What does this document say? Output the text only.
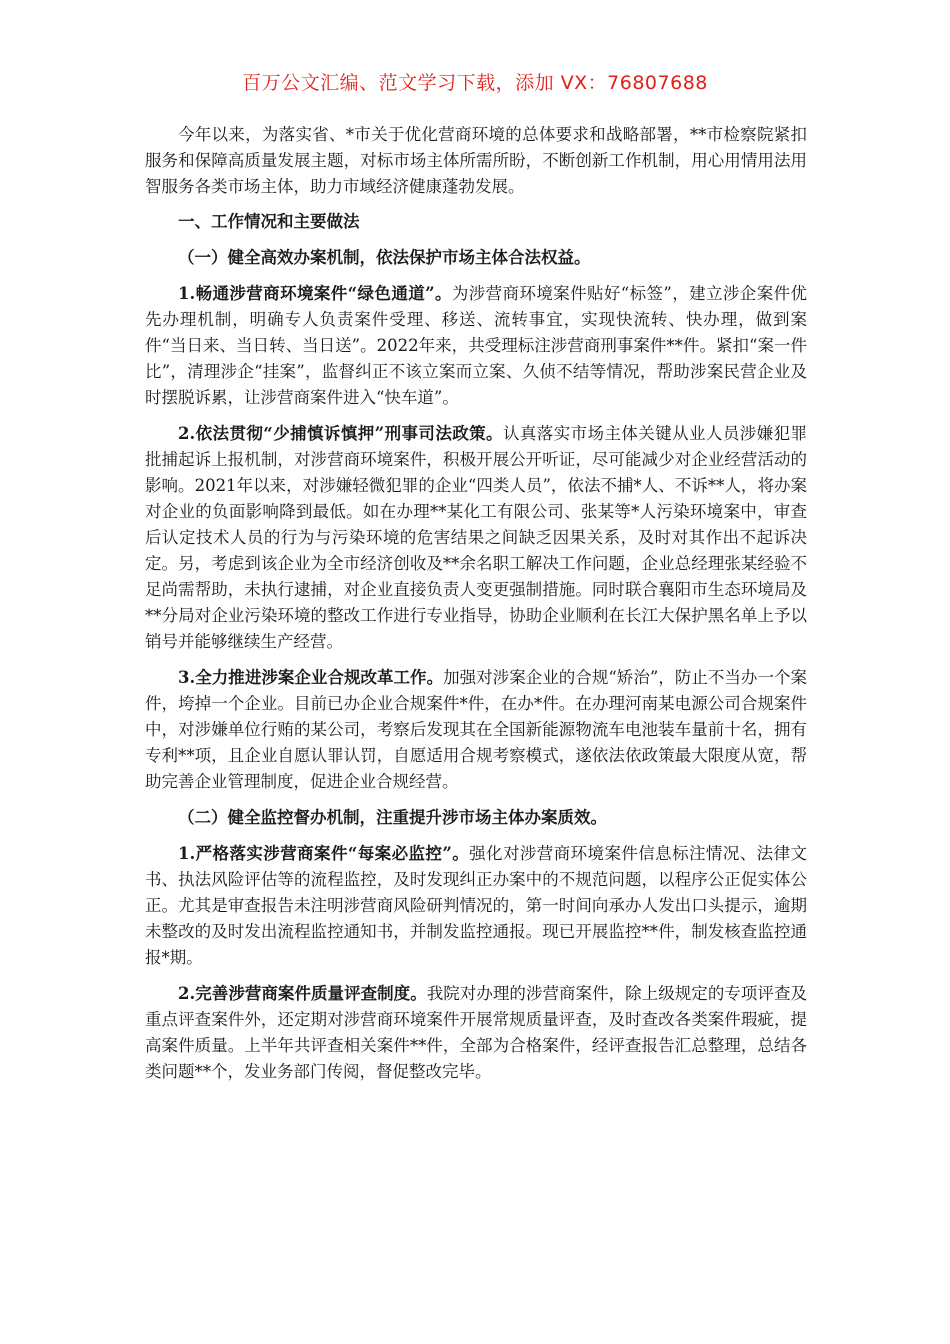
百万公文汇编、范文学习下载，添加 VX：76807688

今年以来，为落实省、*市关于优化营商环境的总体要求和战略部署，**市检察院紧扣服务和保障高质量发展主题，对标市场主体所需所盼，不断创新工作机制，用心用情用法用智服务各类市场主体，助力市域经济健康蓬勃发展。

一、工作情况和主要做法

（一）健全高效办案机制，依法保护市场主体合法权益。

1.畅通涉营商环境案件“绿色通道”。为涉营商环境案件贴好“标签”，建立涉企案件优先办理机制，明确专人负责案件受理、移送、流转事宜，实现快流转、快办理，做到案件“当日来、当日转、当日送”。2022年来，共受理标注涉营商刑事案件**件。紧扣“案一件比”，清理涉企“挂案”，监督纠正不该立案而立案、久侦不结等情况，帮助涉案民营企业及时摆脱诉累，让涉营商案件进入“快车道”。

2.依法贯彻“少捕慎诉慎押”刑事司法政策。认真落实市场主体关键从业人员涉嫌犯罪批捕起诉上报机制，对涉营商环境案件，积极开展公开听证，尽可能减少对企业经营活动的影响。2021年以来，对涉嫌轻微犯罪的企业“四类人员”，依法不捕*人、不诉**人，将办案对企业的负面影响降到最低。如在办理**某化工有限公司、张某等*人污染环境案中，审查后认定技术人员的行为与污染环境的危害结果之间缺乏因果关系，及时对其作出不起诉决定。另，考虑到该企业为全市经济创收及**余名职工解决工作问题，企业总经理张某经验不足尚需帮助，未执行逮捕，对企业直接负责人变更强制措施。同时联合襄阳市生态环境局及**分局对企业污染环境的整改工作进行专业指导，协助企业顺利在长江大保护黑名单上予以销号并能够继续生产经营。

3.全力推进涉案企业合规改革工作。加强对涉案企业的合规“矫治”，防止不当办一个案件，垮掉一个企业。目前已办企业合规案件*件，在办*件。在办理河南某电源公司合规案件中，对涉嫌单位行贿的某公司，考察后发现其在全国新能源物流车电池装车量前十名，拥有专利**项，且企业自愿认罪认罚，自愿适用合规考察模式，遂依法依政策最大限度从宽，帮助完善企业管理制度，促进企业合规经营。

（二）健全监控督办机制，注重提升涉市场主体办案质效。

1.严格落实涉营商案件“每案必监控”。强化对涉营商环境案件信息标注情况、法律文书、执法风险评估等的流程监控，及时发现纠正办案中的不规范问题，以程序公正促实体公正。尤其是审查报告未注明涉营商风险研判情况的，第一时间向承办人发出口头提示，逾期未整改的及时发出流程监控通知书，并制发监控通报。现已开展监控**件，制发核查监控通报*期。

2.完善涉营商案件质量评查制度。我院对办理的涉营商案件，除上级规定的专项评查及重点评查案件外，还定期对涉营商环境案件开展常规质量评查，及时查改各类案件瑕疵，提高案件质量。上半年共评查相关案件**件，全部为合格案件，经评查报告汇总整理，总结各类问题**个，发业务部门传阅，督促整改完毕。
